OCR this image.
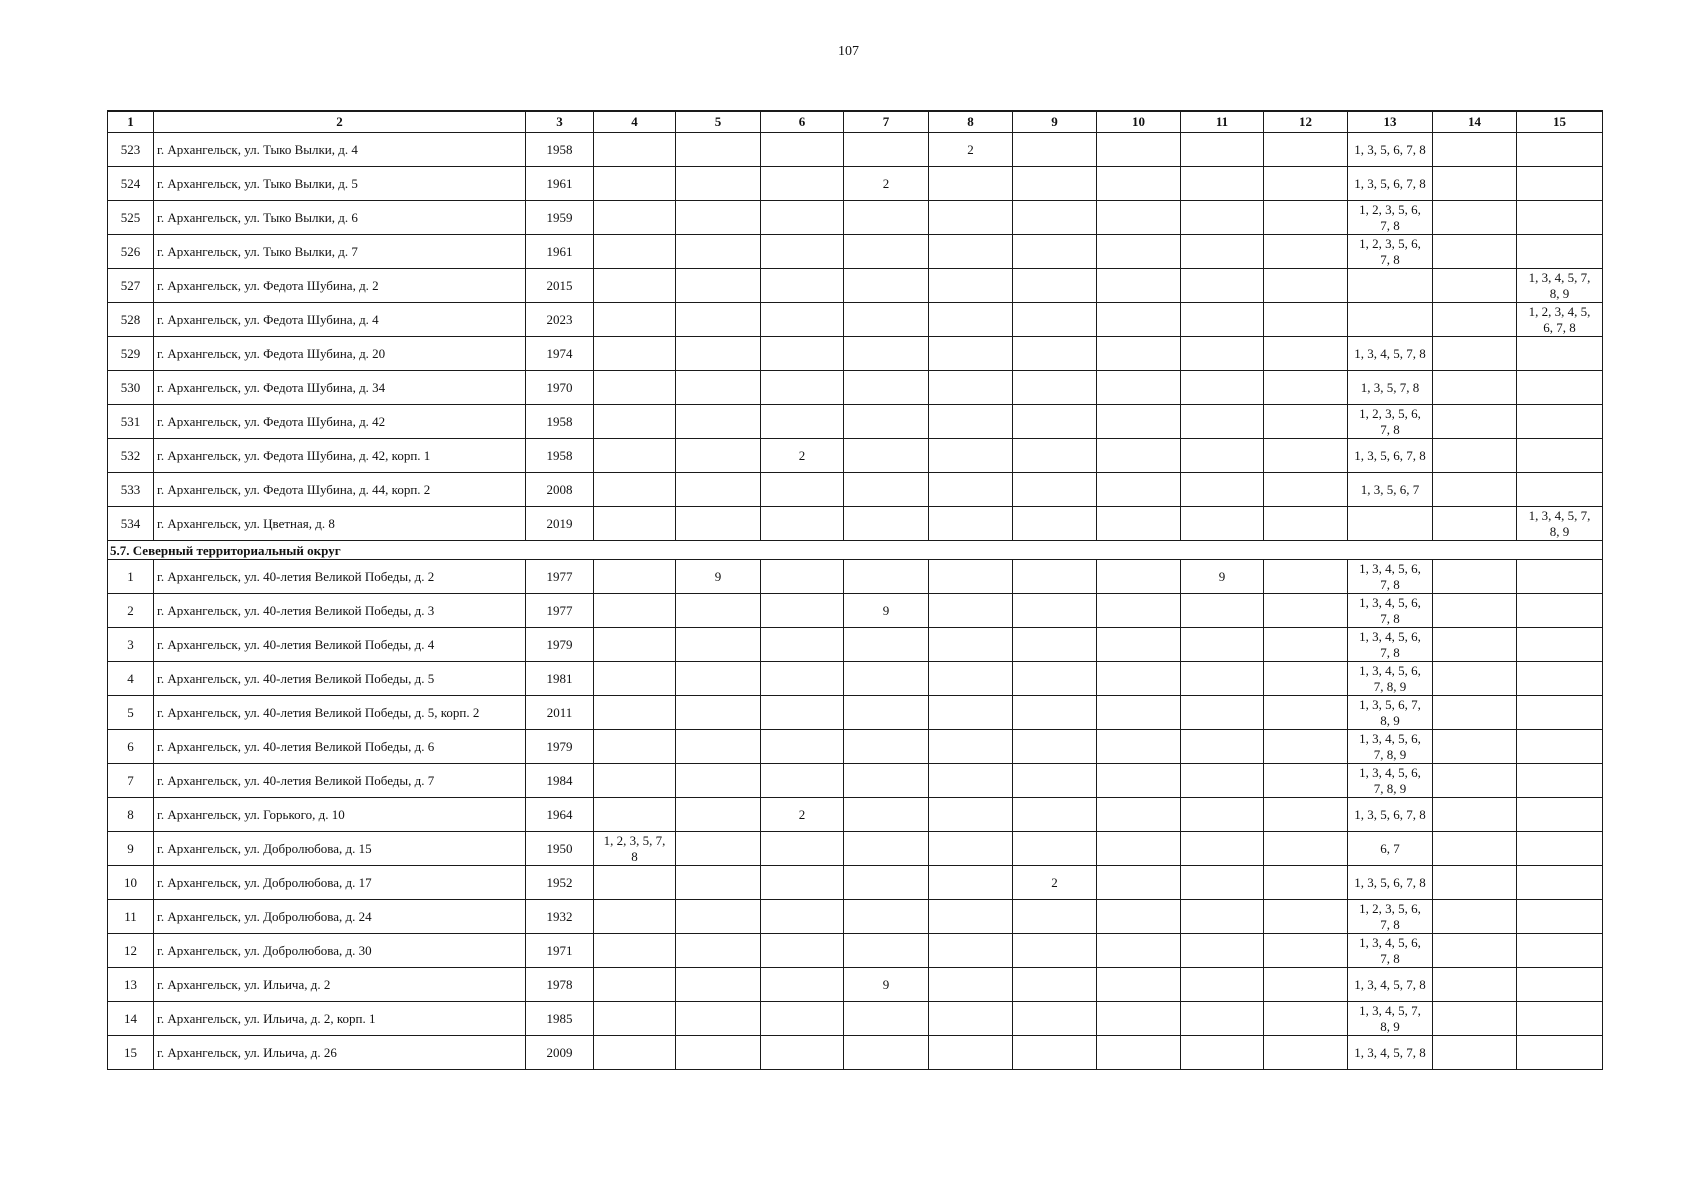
107
1	2	3	4	5	6	7	8	9	10	11	12	13	14	15
523	г. Архангельск, ул. Тыко Вылки, д. 4	1958					2					1, 3, 5, 6, 7, 8		
524	г. Архангельск, ул. Тыко Вылки, д. 5	1961				2						1, 3, 5, 6, 7, 8		
525	г. Архангельск, ул. Тыко Вылки, д. 6	1959										1, 2, 3, 5, 6, 7, 8		
526	г. Архангельск, ул. Тыко Вылки, д. 7	1961										1, 2, 3, 5, 6, 7, 8		
527	г. Архангельск, ул. Федота Шубина, д. 2	2015												1, 3, 4, 5, 7, 8, 9
528	г. Архангельск, ул. Федота Шубина, д. 4	2023												1, 2, 3, 4, 5, 6, 7, 8
529	г. Архангельск, ул. Федота Шубина, д. 20	1974										1, 3, 4, 5, 7, 8		
530	г. Архангельск, ул. Федота Шубина, д. 34	1970										1, 3, 5, 7, 8		
531	г. Архангельск, ул. Федота Шубина, д. 42	1958										1, 2, 3, 5, 6, 7, 8		
532	г. Архангельск, ул. Федота Шубина, д. 42, корп. 1	1958			2							1, 3, 5, 6, 7, 8		
533	г. Архангельск, ул. Федота Шубина, д. 44, корп. 2	2008										1, 3, 5, 6, 7		
534	г. Архангельск, ул. Цветная, д. 8	2019												1, 3, 4, 5, 7, 8, 9
5.7. Северный территориальный округ														
1	г. Архангельск, ул. 40-летия Великой Победы, д. 2	1977		9						9		1, 3, 4, 5, 6, 7, 8		
2	г. Архангельск, ул. 40-летия Великой Победы, д. 3	1977				9						1, 3, 4, 5, 6, 7, 8		
3	г. Архангельск, ул. 40-летия Великой Победы, д. 4	1979										1, 3, 4, 5, 6, 7, 8		
4	г. Архангельск, ул. 40-летия Великой Победы, д. 5	1981										1, 3, 4, 5, 6, 7, 8, 9		
5	г. Архангельск, ул. 40-летия Великой Победы, д. 5, корп. 2	2011										1, 3, 5, 6, 7, 8, 9		
6	г. Архангельск, ул. 40-летия Великой Победы, д. 6	1979										1, 3, 4, 5, 6, 7, 8, 9		
7	г. Архангельск, ул. 40-летия Великой Победы, д. 7	1984										1, 3, 4, 5, 6, 7, 8, 9		
8	г. Архангельск, ул. Горького, д. 10	1964			2							1, 3, 5, 6, 7, 8		
9	г. Архангельск, ул. Добролюбова, д. 15	1950	1, 2, 3, 5, 7, 8									6, 7		
10	г. Архангельск, ул. Добролюбова, д. 17	1952						2				1, 3, 5, 6, 7, 8		
11	г. Архангельск, ул. Добролюбова, д. 24	1932										1, 2, 3, 5, 6, 7, 8		
12	г. Архангельск, ул. Добролюбова, д. 30	1971										1, 3, 4, 5, 6, 7, 8		
13	г. Архангельск, ул. Ильича, д. 2	1978				9						1, 3, 4, 5, 7, 8		
14	г. Архангельск, ул. Ильича, д. 2, корп. 1	1985										1, 3, 4, 5, 7, 8, 9		
15	г. Архангельск, ул. Ильича, д. 26	2009										1, 3, 4, 5, 7, 8		
